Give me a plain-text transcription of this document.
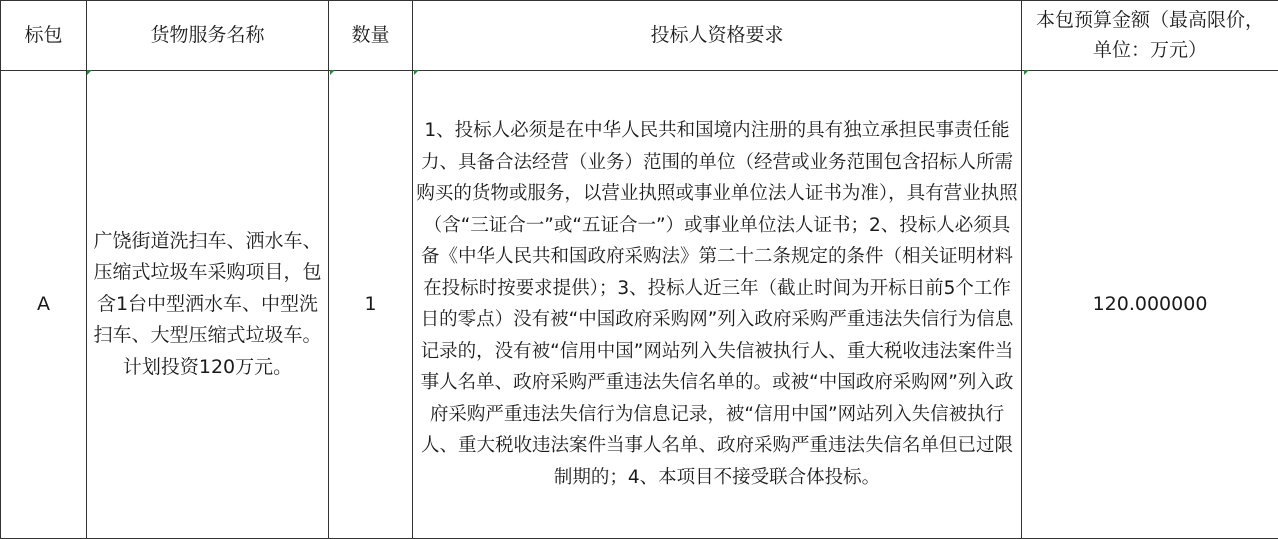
标包	货物服务名称	数量	投标人资格要求	本包预算金额（最高限价，单位：万元）
A	广饶街道洗扫车、洒水车、压缩式垃圾车采购项目，包含1台中型洒水车、中型洗扫车、大型压缩式垃圾车。计划投资120万元。	1	1、投标人必须是在中华人民共和国境内注册的具有独立承担民事责任能力、具备合法经营（业务）范围的单位（经营或业务范围包含招标人所需购买的货物或服务，以营业执照或事业单位法人证书为准），具有营业执照（含“三证合一”或“五证合一”）或事业单位法人证书；2、投标人必须具备《中华人民共和国政府采购法》第二十二条规定的条件（相关证明材料在投标时按要求提供）；3、投标人近三年（截止时间为开标日前5个工作日的零点）没有被“中国政府采购网”列入政府采购严重违法失信行为信息记录的，没有被“信用中国”网站列入失信被执行人、重大税收违法案件当事人名单、政府采购严重违法失信名单的。或被“中国政府采购网”列入政府采购严重违法失信行为信息记录，被“信用中国”网站列入失信被执行人、重大税收违法案件当事人名单、政府采购严重违法失信名单但已过限制期的；4、本项目不接受联合体投标。	120.000000
